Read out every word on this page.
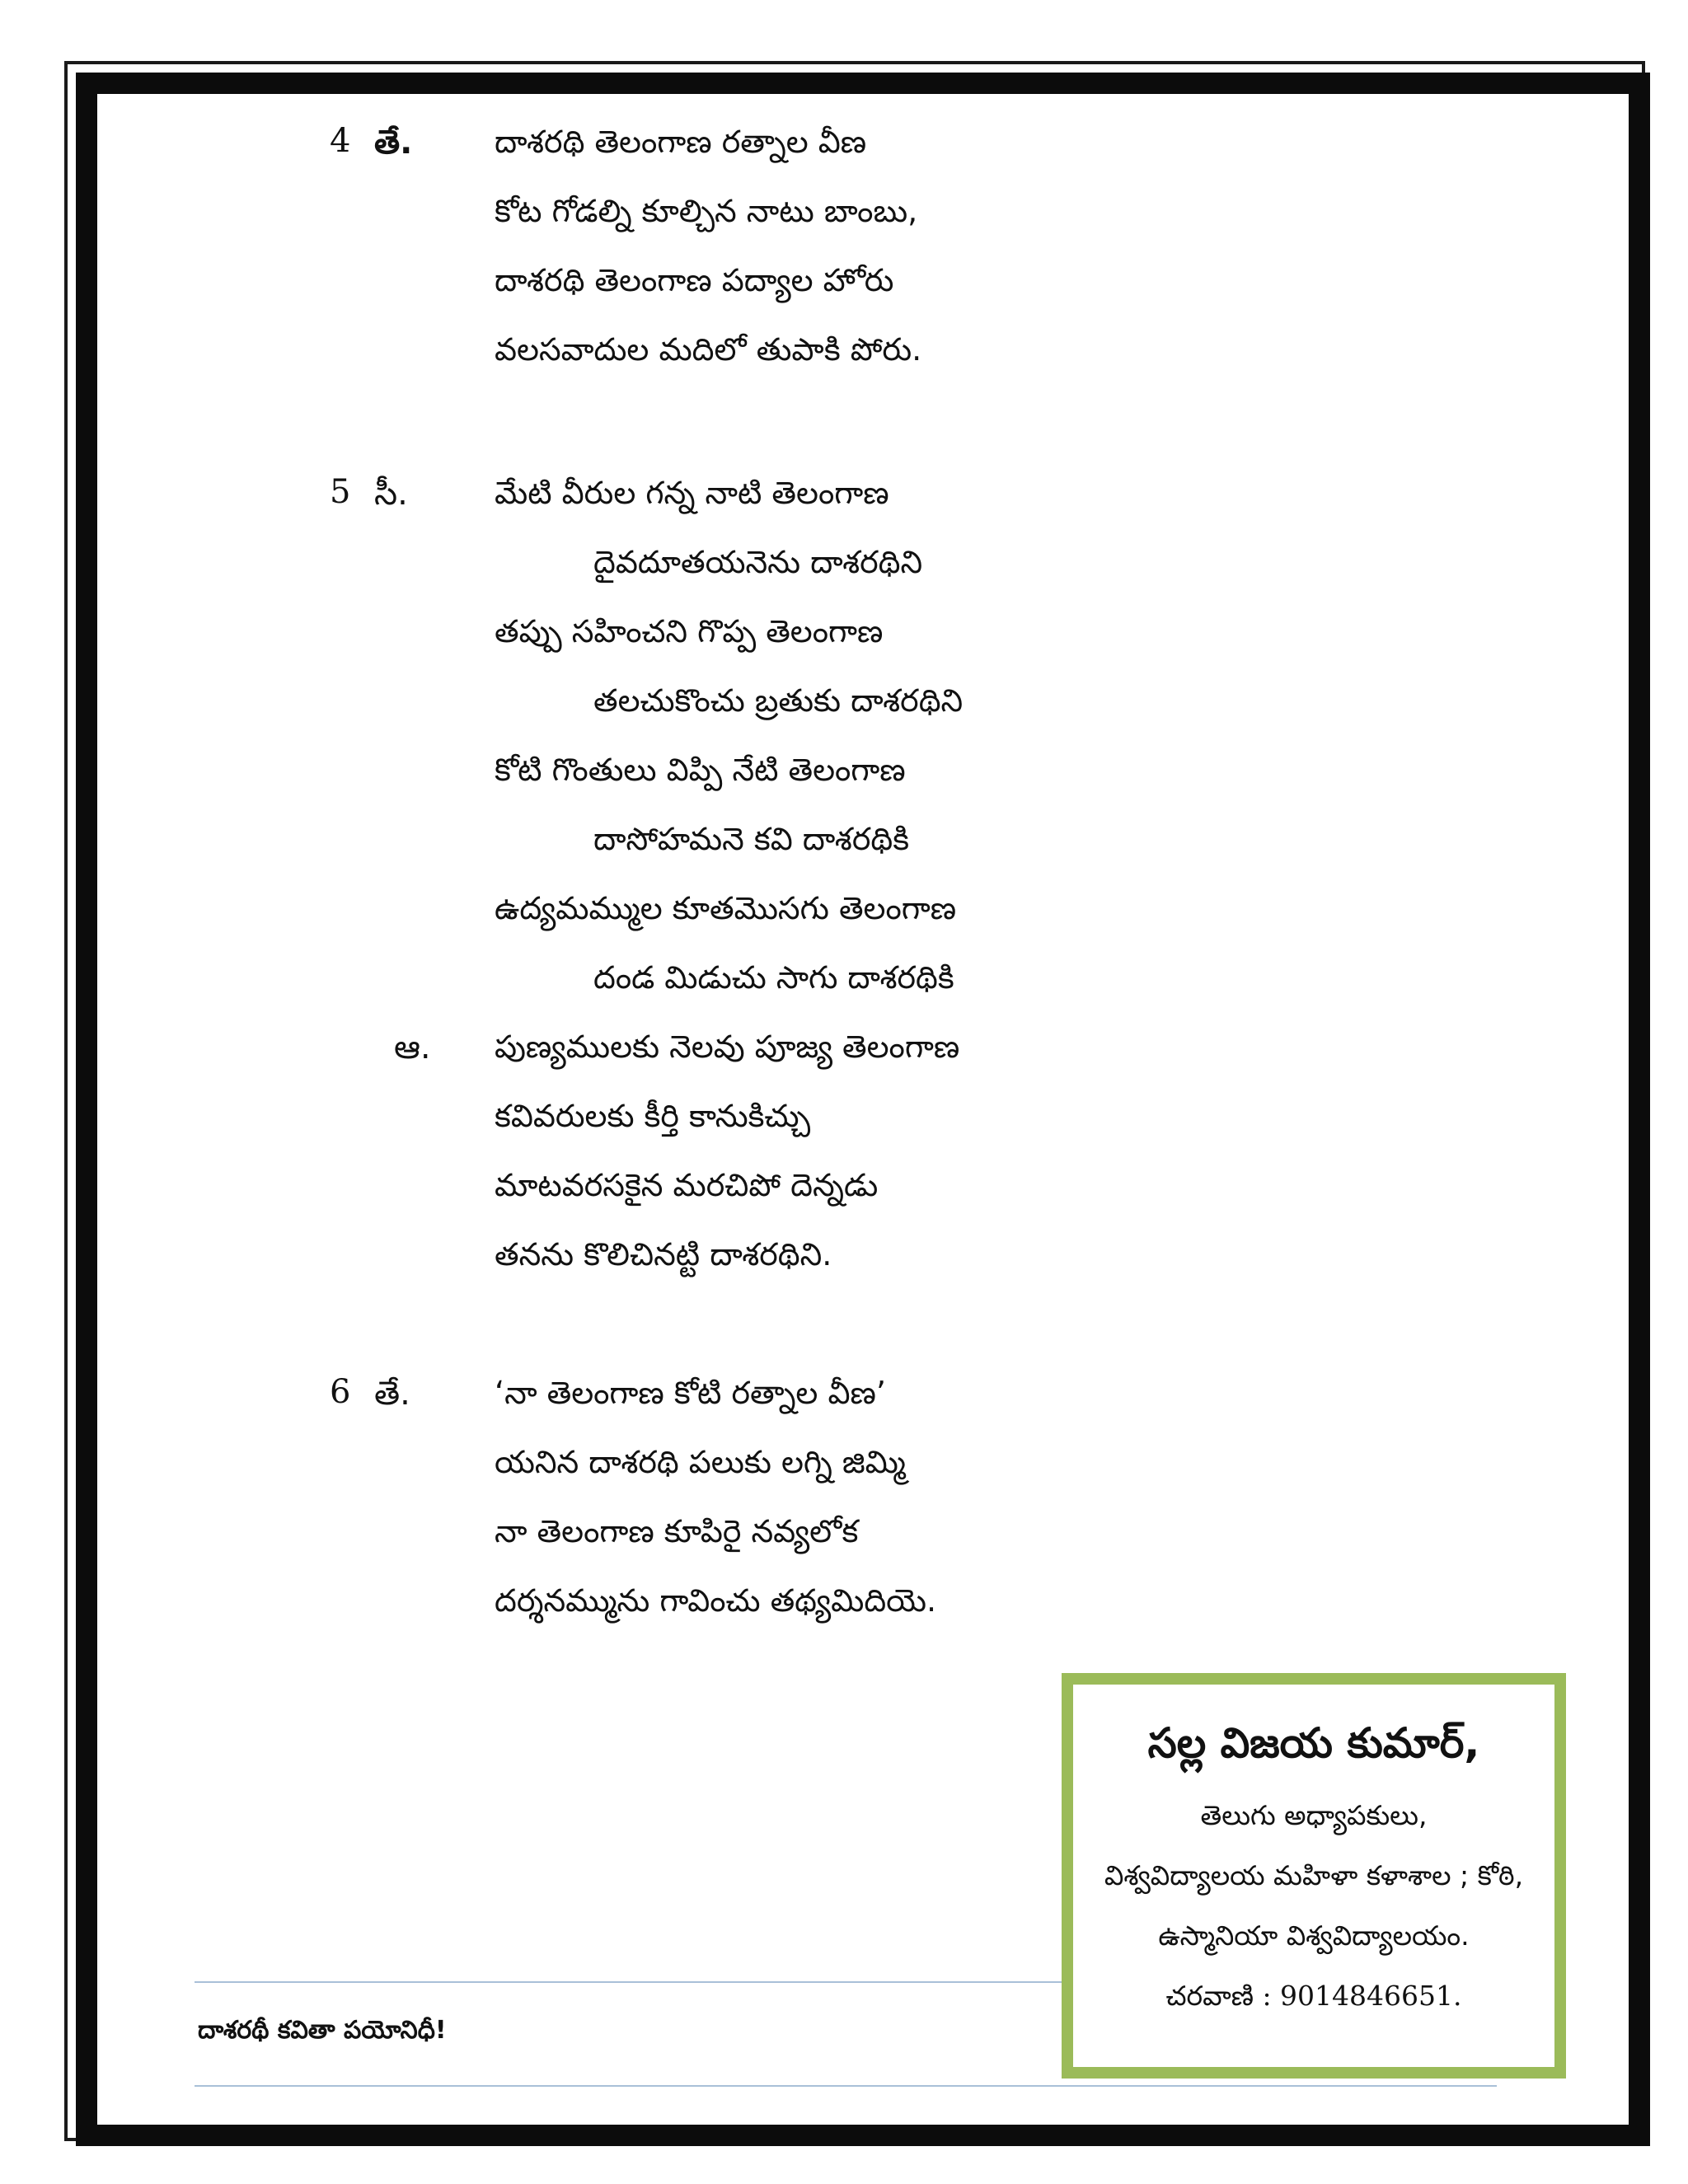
4 తే.	దాశరథి తెలంగాణ రత్నాల వీణ
కోట గోడల్ని కూల్చిన నాటు బాంబు,
దాశరథి తెలంగాణ పద్యాల హోరు
వలసవాదుల మదిలో తుపాకి పోరు.
5 సీ.	మేటి వీరుల గన్న నాటి తెలంగాణ
దైవదూతయనెను దాశరథిని
తప్పు సహించని గొప్ప తెలంగాణ
తలచుకొంచు బ్రతుకు దాశరథిని
కోటి గొంతులు విప్పి నేటి తెలంగాణ
దాసోహమనె కవి దాశరథికి
ఉద్యమమ్ముల కూతమొసగు తెలంగాణ
దండ మిడుచు సాగు దాశరథికి
ఆ. పుణ్యములకు నెలవు పూజ్య తెలంగాణ
కవివరులకు కీర్తి కానుకిచ్చు
మాటవరసకైన మరచిపో దెన్నడు
తనను కొలిచినట్టి దాశరథిని.
6 తే.	‘నా తెలంగాణ కోటి రత్నాల వీణ’
యనిన దాశరథి పలుకు లగ్ని జిమ్మి
నా తెలంగాణ కూపిరై నవ్యలోక
దర్శనమ్మును గావించు తథ్యమిదియె.
దాశరథీ కవితా పయోనిధీ!
సల్ల విజయ కుమార్,
తెలుగు అధ్యాపకులు,
విశ్వవిద్యాలయ మహిళా కళాశాల ; కోఠి,
ఉస్మానియా విశ్వవిద్యాలయం.
చరవాణి : 9014846651.
